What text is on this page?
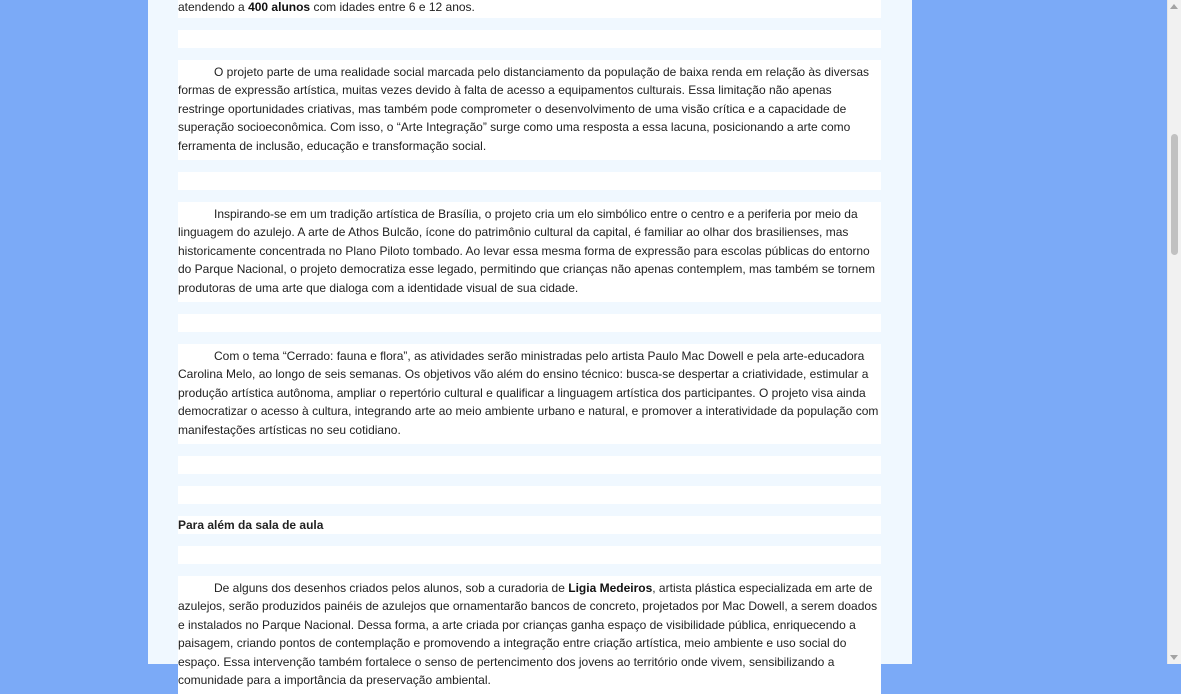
atendendo a 400 alunos com idades entre 6 e 12 anos.
O projeto parte de uma realidade social marcada pelo distanciamento da população de baixa renda em relação às diversas formas de expressão artística, muitas vezes devido à falta de acesso a equipamentos culturais. Essa limitação não apenas restringe oportunidades criativas, mas também pode comprometer o desenvolvimento de uma visão crítica e a capacidade de superação socioeconômica. Com isso, o “Arte Integração” surge como uma resposta a essa lacuna, posicionando a arte como ferramenta de inclusão, educação e transformação social.
Inspirando-se em um tradição artística de Brasília, o projeto cria um elo simbólico entre o centro e a periferia por meio da linguagem do azulejo. A arte de Athos Bulcão, ícone do patrimônio cultural da capital, é familiar ao olhar dos brasilienses, mas historicamente concentrada no Plano Piloto tombado. Ao levar essa mesma forma de expressão para escolas públicas do entorno do Parque Nacional, o projeto democratiza esse legado, permitindo que crianças não apenas contemplem, mas também se tornem produtoras de uma arte que dialoga com a identidade visual de sua cidade.
Com o tema “Cerrado: fauna e flora”, as atividades serão ministradas pelo artista Paulo Mac Dowell e pela arte-educadora Carolina Melo, ao longo de seis semanas. Os objetivos vão além do ensino técnico: busca-se despertar a criatividade, estimular a produção artística autônoma, ampliar o repertório cultural e qualificar a linguagem artística dos participantes. O projeto visa ainda democratizar o acesso à cultura, integrando arte ao meio ambiente urbano e natural, e promover a interatividade da população com manifestações artísticas no seu cotidiano.
Para além da sala de aula
De alguns dos desenhos criados pelos alunos, sob a curadoria de Ligia Medeiros, artista plástica especializada em arte de azulejos, serão produzidos painéis de azulejos que ornamentarão bancos de concreto, projetados por Mac Dowell, a serem doados e instalados no Parque Nacional. Dessa forma, a arte criada por crianças ganha espaço de visibilidade pública, enriquecendo a paisagem, criando pontos de contemplação e promovendo a integração entre criação artística, meio ambiente e uso social do espaço. Essa intervenção também fortalece o senso de pertencimento dos jovens ao território onde vivem, sensibilizando a comunidade para a importância da preservação ambiental.
